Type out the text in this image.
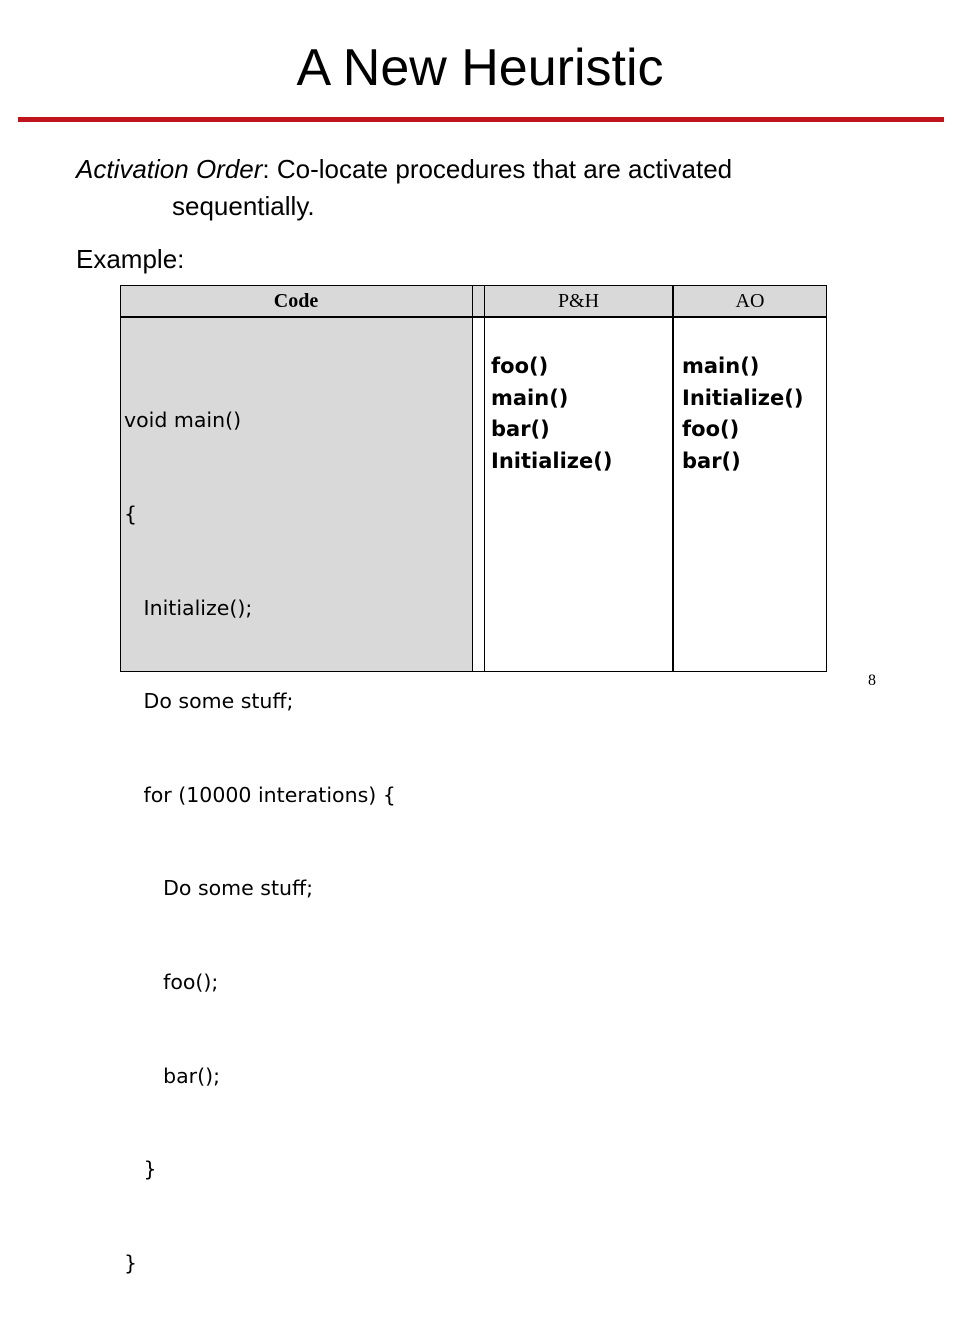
A New Heuristic
Activation Order: Co-locate procedures that are activated
sequentially.
Example:
Code	P&H	AO

void main()

{

Initialize();

Do some stuff;

for (10000 interations) {

Do some stuff;

foo();

bar();

}

}

foo()
main()
bar()
Initialize()
main()
Initialize()
foo()
bar()
8
